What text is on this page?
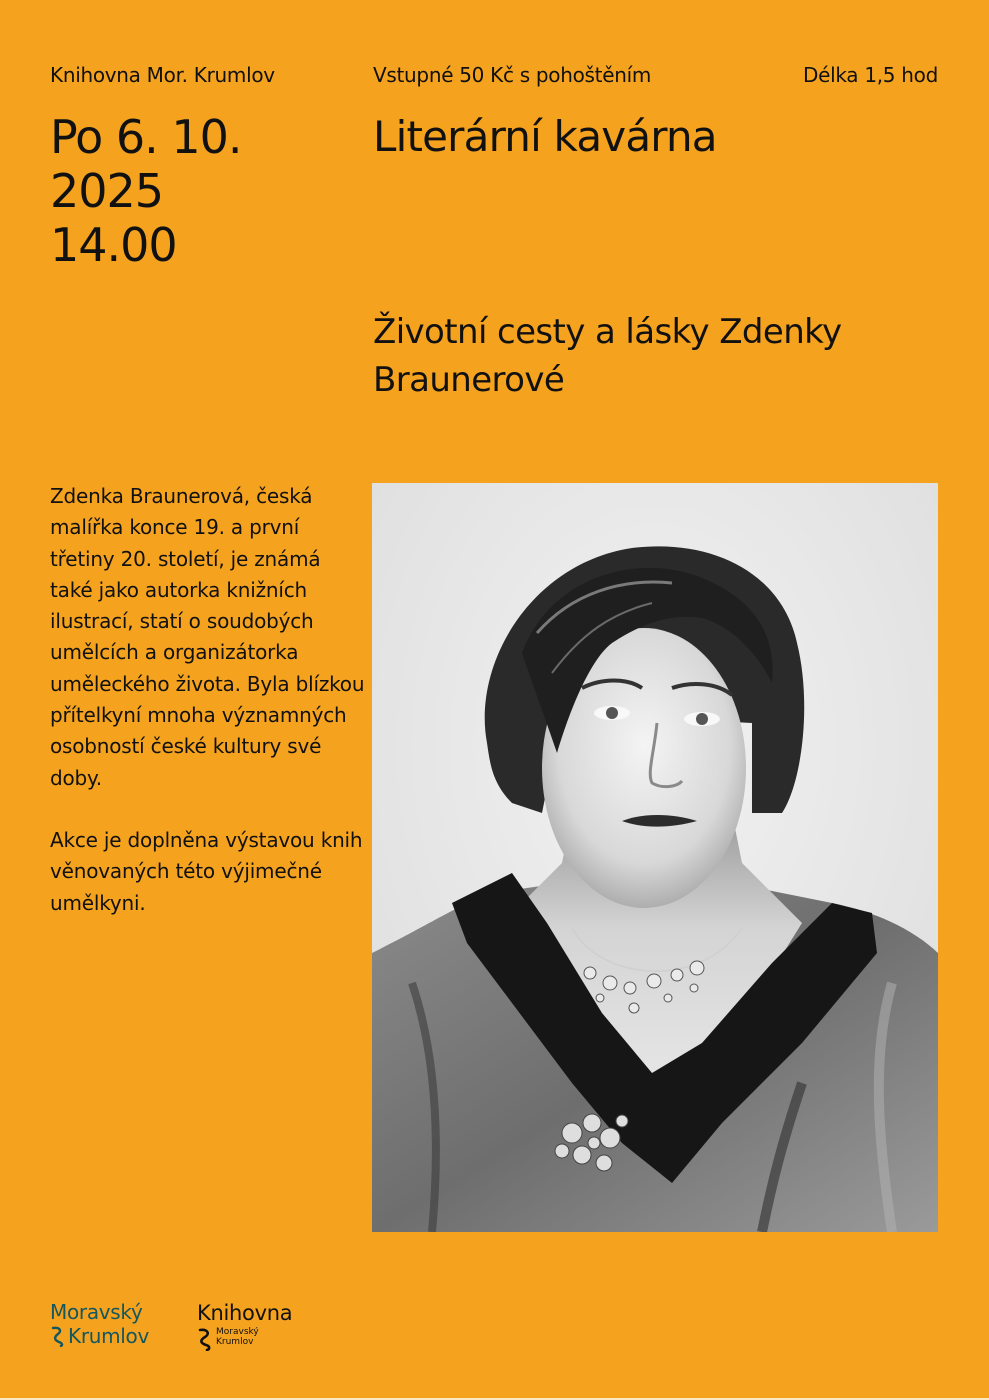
Knihovna Mor. Krumlov	Vstupné 50 Kč s pohoštěním	Délka 1,5 hod
Po 6. 10.
2025
14.00
Literární kavárna
Životní cesty a lásky Zdenky Braunerové

Zdenka Braunerová, česká malířka konce 19. a první třetiny 20. století, je známá také jako autorka knižních ilustrací, statí o soudobých umělcích a organizátorka uměleckého života. Byla blízkou přítelkyní mnoha významných osobností české kultury své doby.

Akce je doplněna výstavou knih věnovaných této výjimečné umělkyni.

Moravský
Krumlov
Knihovna
Moravský
Krumlov
